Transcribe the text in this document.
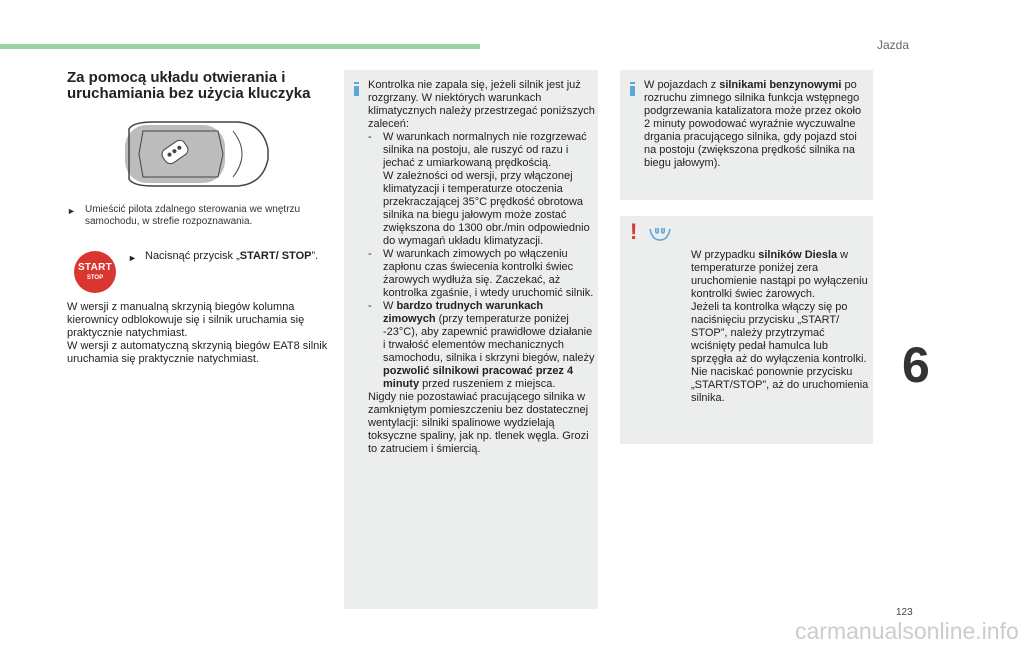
Jazda
Za pomocą układu otwierania i uruchamiania bez użycia kluczyka
► Umieścić pilota zdalnego sterowania we wnętrzu samochodu, w strefie rozpoznawania.
START
STOP
► Nacisnąć przycisk „START/ STOP”.
W wersji z manualną skrzynią biegów kolumna kierownicy odblokowuje się i silnik uruchamia się praktycznie natychmiast.
W wersji z automatyczną skrzynią biegów EAT8 silnik uruchamia się praktycznie natychmiast.
Kontrolka nie zapala się, jeżeli silnik jest już rozgrzany. W niektórych warunkach klimatycznych należy przestrzegać poniższych zaleceń:
- W warunkach normalnych nie rozgrzewać silnika na postoju, ale ruszyć od razu i jechać z umiarkowaną prędkością.
W zależności od wersji, przy włączonej klimatyzacji i temperaturze otoczenia przekraczającej 35°C prędkość obrotowa silnika na biegu jałowym może zostać zwiększona do 1300 obr./min odpowiednio do wymagań układu klimatyzacji.
- W warunkach zimowych po włączeniu zapłonu czas świecenia kontrolki świec żarowych wydłuża się. Zaczekać, aż kontrolka zgaśnie, i wtedy uruchomić silnik.
- W bardzo trudnych warunkach zimowych (przy temperaturze poniżej -23°C), aby zapewnić prawidłowe działanie i trwałość elementów mechanicznych samochodu, silnika i skrzyni biegów, należy pozwolić silnikowi pracować przez 4 minuty przed ruszeniem z miejsca.
Nigdy nie pozostawiać pracującego silnika w zamkniętym pomieszczeniu bez dostatecznej wentylacji: silniki spalinowe wydzielają toksyczne spaliny, jak np. tlenek węgla. Grozi to zatruciem i śmiercią.
W pojazdach z silnikami benzynowymi po rozruchu zimnego silnika funkcja wstępnego podgrzewania katalizatora może przez około 2 minuty powodować wyraźnie wyczuwalne drgania pracującego silnika, gdy pojazd stoi na postoju (zwiększona prędkość silnika na biegu jałowym).
W przypadku silników Diesla w temperaturze poniżej zera uruchomienie nastąpi po wyłączeniu kontrolki świec żarowych.
Jeżeli ta kontrolka włączy się po naciśnięciu przycisku „START/ STOP”, należy przytrzymać wciśnięty pedał hamulca lub sprzęgła aż do wyłączenia kontrolki. Nie naciskać ponownie przycisku „START/STOP”, aż do uruchomienia silnika.
!
6
123
carmanualsonline.info
